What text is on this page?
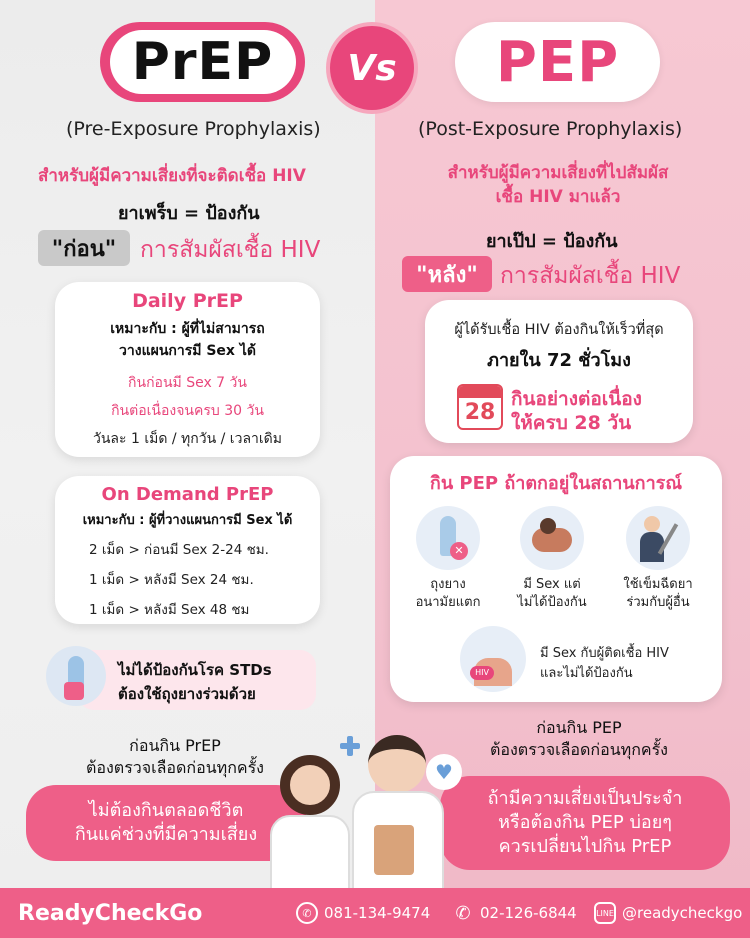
PrEP	Vs	PEP
(Pre-Exposure Prophylaxis)	(Post-Exposure Prophylaxis)
สำหรับผู้มีความเสี่ยงที่จะติดเชื้อ HIV
ยาเพร็บ = ป้องกัน
"ก่อน"	การสัมผัสเชื้อ HIV
สำหรับผู้มีความเสี่ยงที่ไปสัมผัส
เชื้อ HIV มาแล้ว
ยาเป๊ป = ป้องกัน
"หลัง" การสัมผัสเชื้อ HIV
Daily PrEP
เหมาะกับ : ผู้ที่ไม่สามารถ
วางแผนการมี Sex ได้
กินก่อนมี Sex 7 วัน
กินต่อเนื่องจนครบ 30 วัน
วันละ 1 เม็ด / ทุกวัน / เวลาเดิม
On Demand PrEP
เหมาะกับ : ผู้ที่วางแผนการมี Sex ได้
2 เม็ด > ก่อนมี Sex 2-24 ชม.
1 เม็ด > หลังมี Sex 24 ชม.
1 เม็ด > หลังมี Sex 48 ชม
ไม่ได้ป้องกันโรค STDs
ต้องใช้ถุงยางร่วมด้วย
ก่อนกิน PrEP
ต้องตรวจเลือดก่อนทุกครั้ง
ไม่ต้องกินตลอดชีวิต
กินแค่ช่วงที่มีความเสี่ยง
ผู้ได้รับเชื้อ HIV ต้องกินให้เร็วที่สุด
ภายใน 72 ชั่วโมง
28
กินอย่างต่อเนื่อง
ให้ครบ 28 วัน
กิน PEP ถ้าตกอยู่ในสถานการณ์
✕
ถุงยาง
อนามัยแตก
มี Sex แต่
ไม่ได้ป้องกัน
ใช้เข็มฉีดยา
ร่วมกับผู้อื่น
HIV
มี Sex กับผู้ติดเชื้อ HIV
และไม่ได้ป้องกัน
ก่อนกิน PEP
ต้องตรวจเลือดก่อนทุกครั้ง
ถ้ามีความเสี่ยงเป็นประจำ
หรือต้องกิน PEP บ่อยๆ
ควรเปลี่ยนไปกิน PrEP
♥
ReadyCheckGo	✆ 081-134-9474 ✆ 02-126-6844 LINE @readycheckgo
